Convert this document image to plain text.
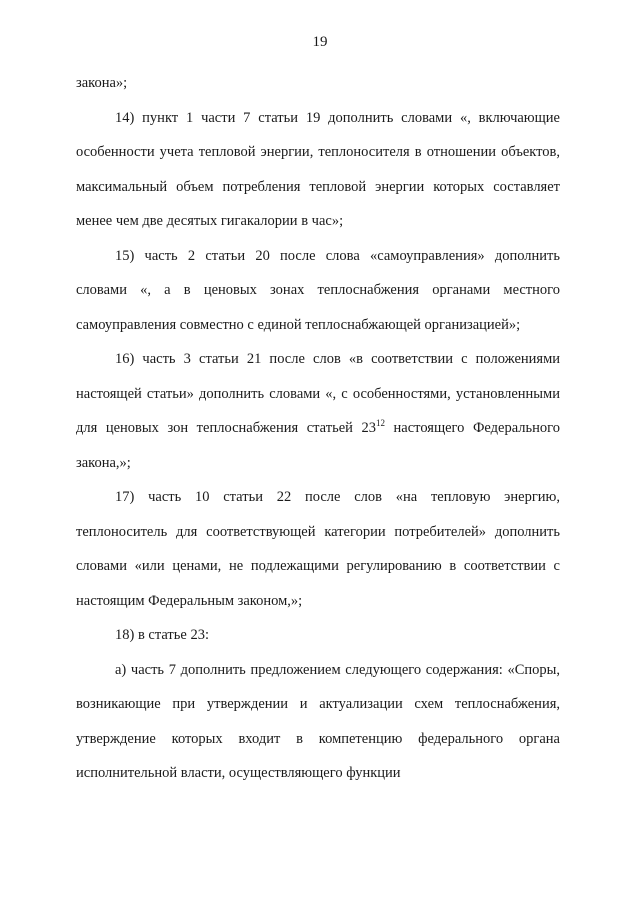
19

закона»;

14) пункт 1 части 7 статьи 19 дополнить словами «, включающие особенности учета тепловой энергии, теплоносителя в отношении объектов, максимальный объем потребления тепловой энергии которых составляет менее чем две десятых гигакалории в час»;

15) часть 2 статьи 20 после слова «самоуправления» дополнить словами «, а в ценовых зонах теплоснабжения органами местного самоуправления совместно с единой теплоснабжающей организацией»;

16) часть 3 статьи 21 после слов «в соответствии с положениями настоящей статьи» дополнить словами «, с особенностями, установленными для ценовых зон теплоснабжения статьей $23^{12}$ настоящего Федерального закона,»;

17) часть 10 статьи 22 после слов «на тепловую энергию, теплоноситель для соответствующей категории потребителей» дополнить словами «или ценами, не подлежащими регулированию в соответствии с настоящим Федеральным законом,»;

18) в статье 23:

а) часть 7 дополнить предложением следующего содержания: «Споры, возникающие при утверждении и актуализации схем теплоснабжения, утверждение которых входит в компетенцию федерального органа исполнительной власти, осуществляющего функции
